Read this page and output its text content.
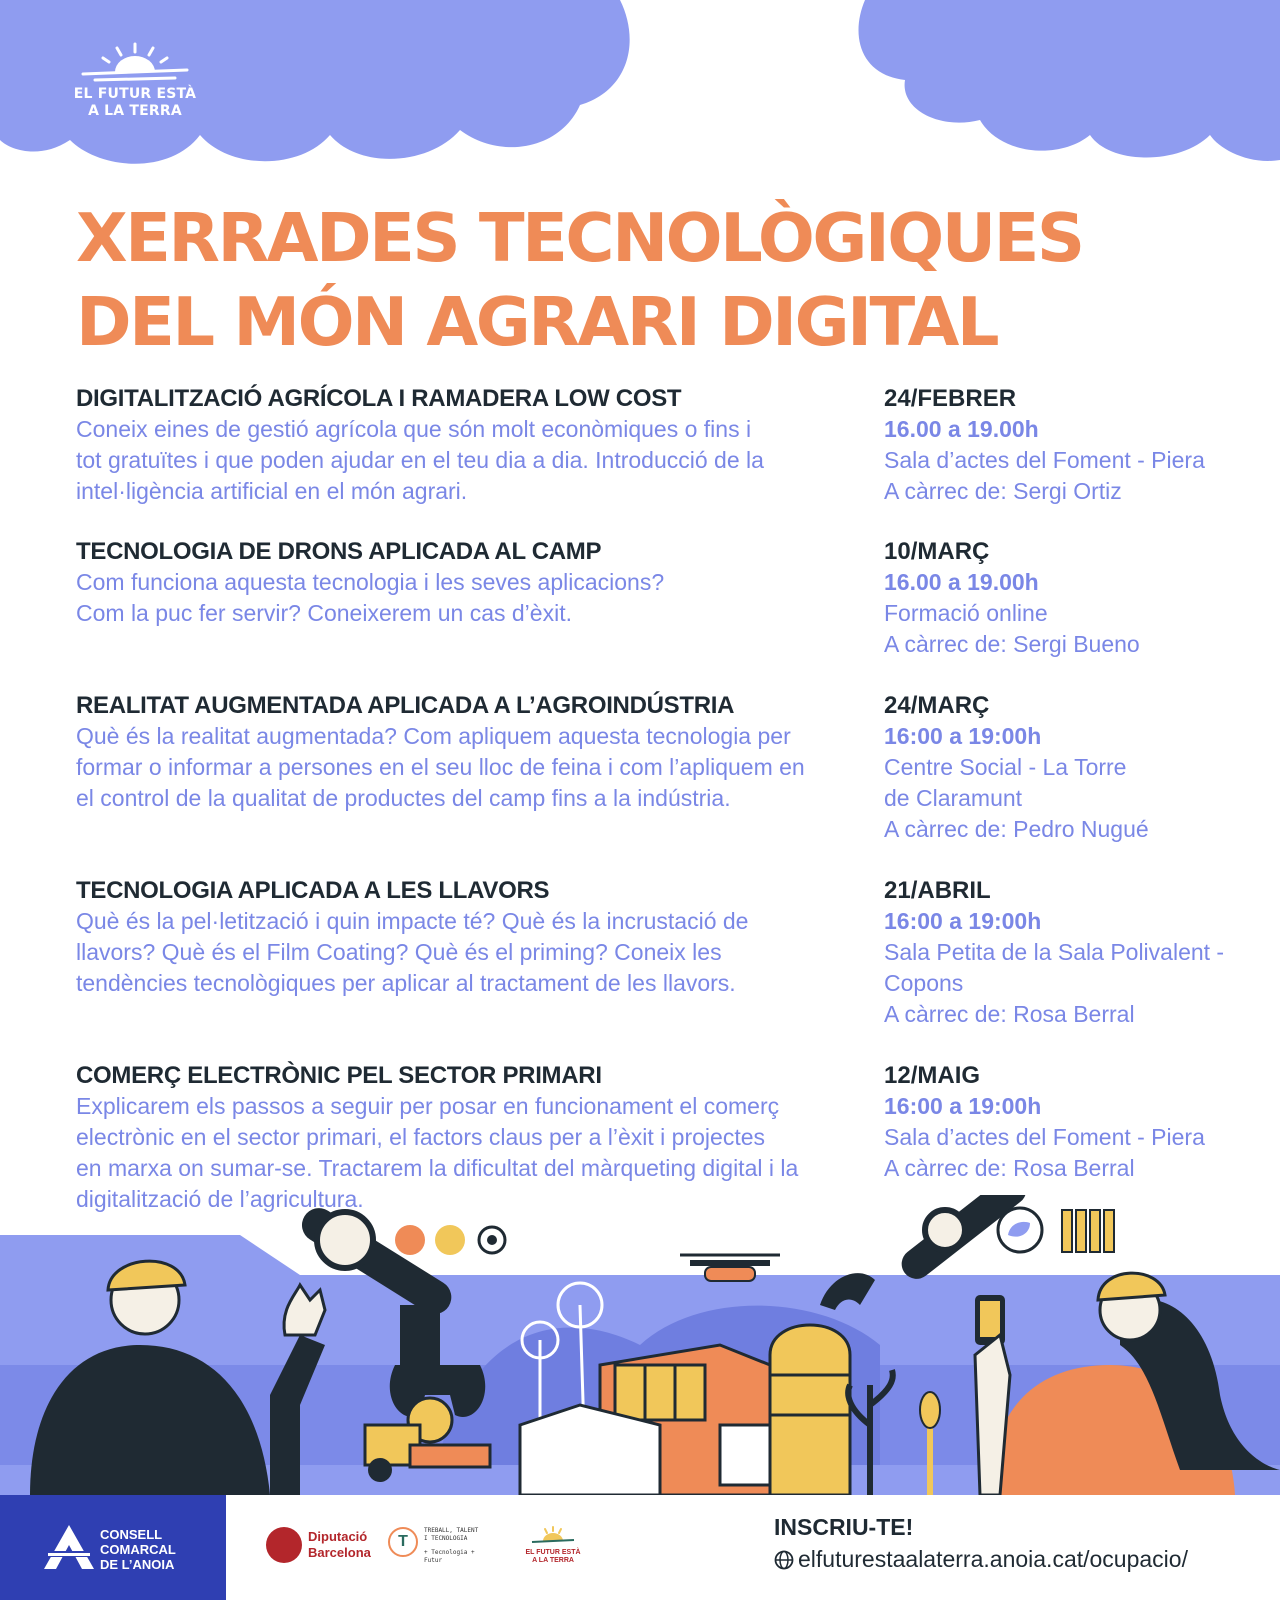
EL FUTUR ESTÀ
A LA TERRA
XERRADES TECNOLÒGIQUES
DEL MÓN AGRARI DIGITAL
DIGITALITZACIÓ AGRÍCOLA I RAMADERA LOW COST
Coneix eines de gestió agrícola que són molt econòmiques o fins i
tot gratuïtes i que poden ajudar en el teu dia a dia. Introducció de la
intel·ligència artificial en el món agrari.
24/FEBRER
16.00 a 19.00h
Sala d’actes del Foment - Piera
A càrrec de: Sergi Ortiz
TECNOLOGIA DE DRONS APLICADA AL CAMP
Com funciona aquesta tecnologia i les seves aplicacions?
Com la puc fer servir? Coneixerem un cas d’èxit.
10/MARÇ
16.00 a 19.00h
Formació online
A càrrec de: Sergi Bueno
REALITAT AUGMENTADA APLICADA A L’AGROINDÚSTRIA
Què és la realitat augmentada? Com apliquem aquesta tecnologia per
formar o informar a persones en el seu lloc de feina i com l’apliquem en
el control de la qualitat de productes del camp fins a la indústria.
24/MARÇ
16:00 a 19:00h
Centre Social - La Torre
de Claramunt
A càrrec de: Pedro Nugué
TECNOLOGIA APLICADA A LES LLAVORS
Què és la pel·letització i quin impacte té? Què és la incrustació de
llavors? Què és el Film Coating? Què és el priming? Coneix les
tendències tecnològiques per aplicar al tractament de les llavors.
21/ABRIL
16:00 a 19:00h
Sala Petita de la Sala Polivalent -
Copons
A càrrec de: Rosa Berral
COMERÇ ELECTRÒNIC PEL SECTOR PRIMARI
Explicarem els passos a seguir per posar en funcionament el comerç
electrònic en el sector primari, el factors claus per a l’èxit i projectes
en marxa on sumar-se. Tractarem la dificultat del màrqueting digital i la
digitalització de l’agricultura.
12/MAIG
16:00 a 19:00h
Sala d’actes del Foment - Piera
A càrrec de: Rosa Berral
CONSELL
COMARCAL
DE L’ANOIA
Diputació
Barcelona
T
TREBALL, TALENT
I TECNOLOGIA
+ Tecnologia + Futur
EL FUTUR ESTÀ
A LA TERRA
INSCRIU-TE!
elfuturestaalaterra.anoia.cat/ocupacio/
